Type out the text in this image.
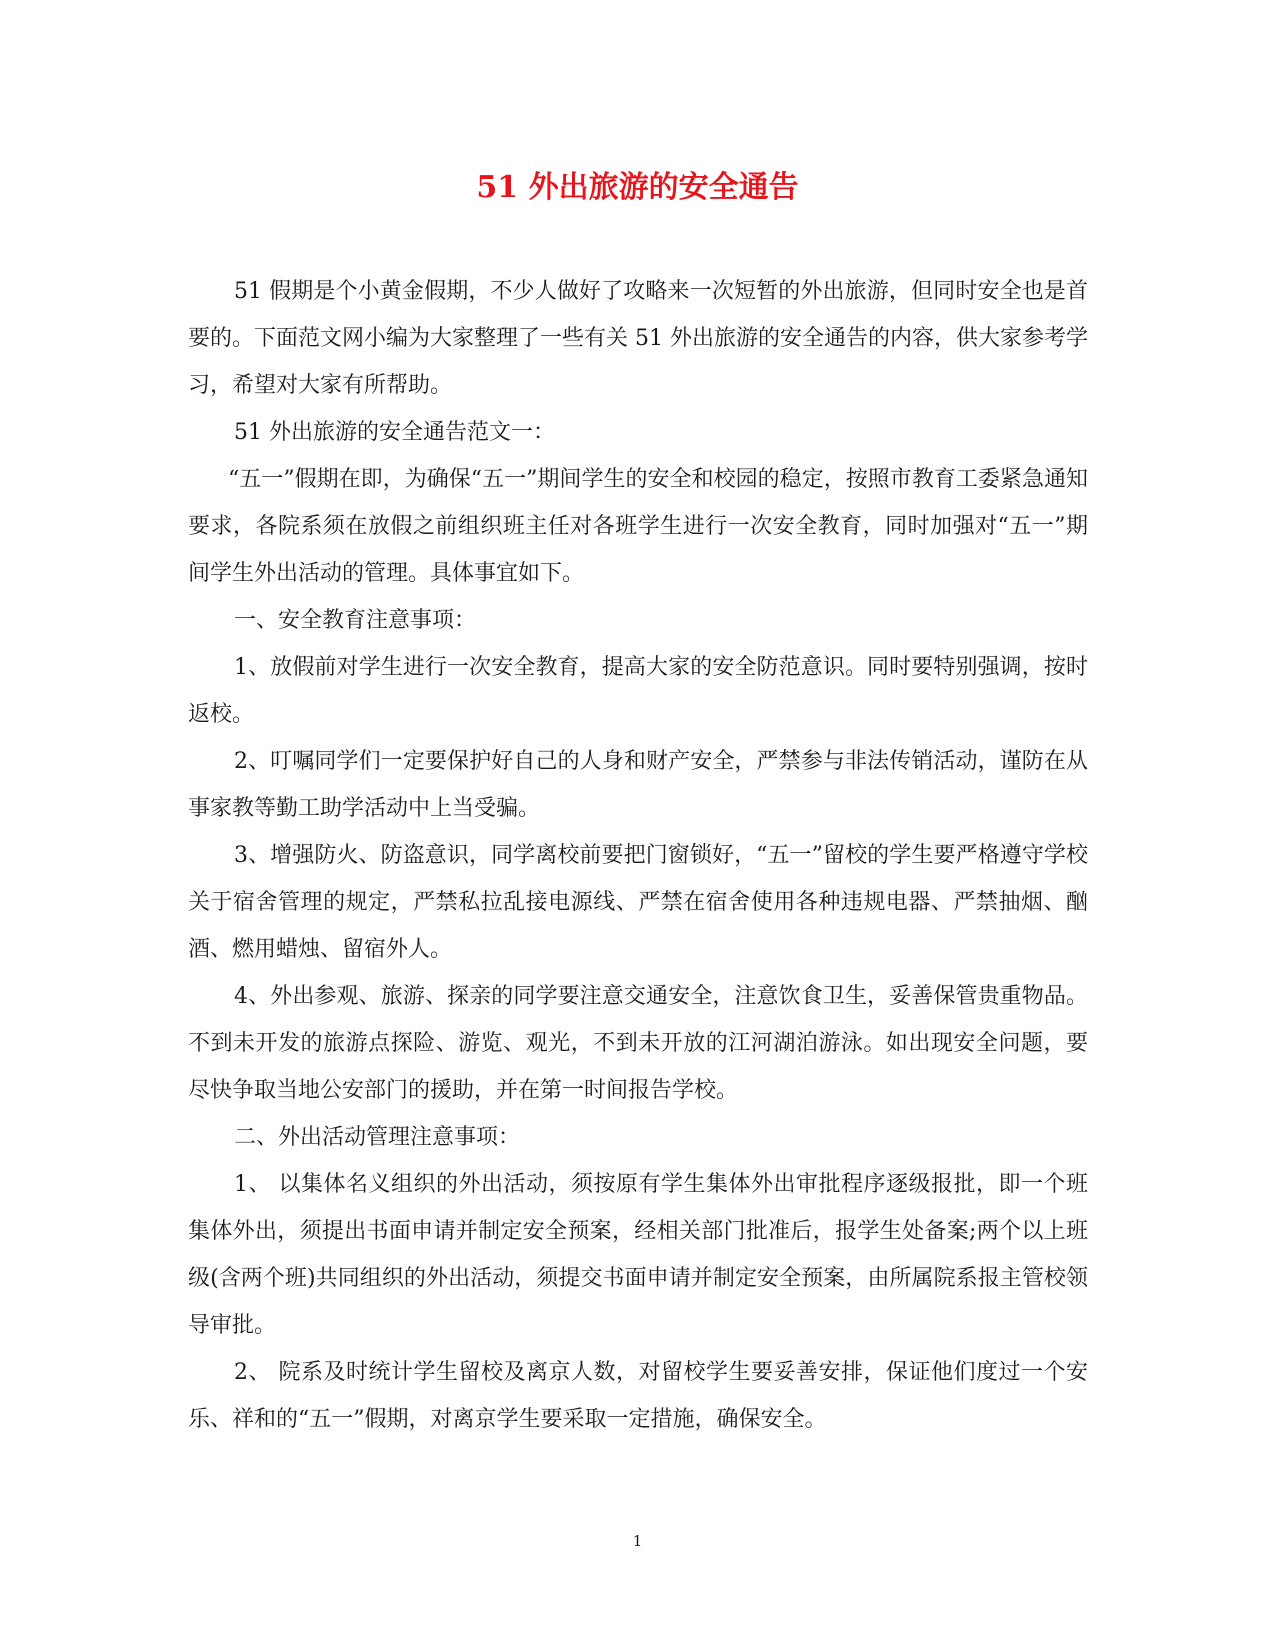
51 外出旅游的安全通告

51 假期是个小黄金假期，不少人做好了攻略来一次短暂的外出旅游，但同时安全也是首要的。下面范文网小编为大家整理了一些有关 51 外出旅游的安全通告的内容，供大家参考学习，希望对大家有所帮助。

51 外出旅游的安全通告范文一：

“五一”假期在即，为确保“五一”期间学生的安全和校园的稳定，按照市教育工委紧急通知要求，各院系须在放假之前组织班主任对各班学生进行一次安全教育，同时加强对“五一”期间学生外出活动的管理。具体事宜如下。

一、安全教育注意事项：

1、放假前对学生进行一次安全教育，提高大家的安全防范意识。同时要特别强调，按时返校。

2、叮嘱同学们一定要保护好自己的人身和财产安全，严禁参与非法传销活动，谨防在从事家教等勤工助学活动中上当受骗。

3、增强防火、防盗意识，同学离校前要把门窗锁好，“五一”留校的学生要严格遵守学校关于宿舍管理的规定，严禁私拉乱接电源线、严禁在宿舍使用各种违规电器、严禁抽烟、酗酒、燃用蜡烛、留宿外人。

4、外出参观、旅游、探亲的同学要注意交通安全，注意饮食卫生，妥善保管贵重物品。不到未开发的旅游点探险、游览、观光，不到未开放的江河湖泊游泳。如出现安全问题，要尽快争取当地公安部门的援助，并在第一时间报告学校。

二、外出活动管理注意事项：

1、 以集体名义组织的外出活动，须按原有学生集体外出审批程序逐级报批，即一个班集体外出，须提出书面申请并制定安全预案，经相关部门批准后，报学生处备案;两个以上班级(含两个班)共同组织的外出活动，须提交书面申请并制定安全预案，由所属院系报主管校领导审批。

2、 院系及时统计学生留校及离京人数，对留校学生要妥善安排，保证他们度过一个安乐、祥和的“五一”假期，对离京学生要采取一定措施，确保安全。

1
